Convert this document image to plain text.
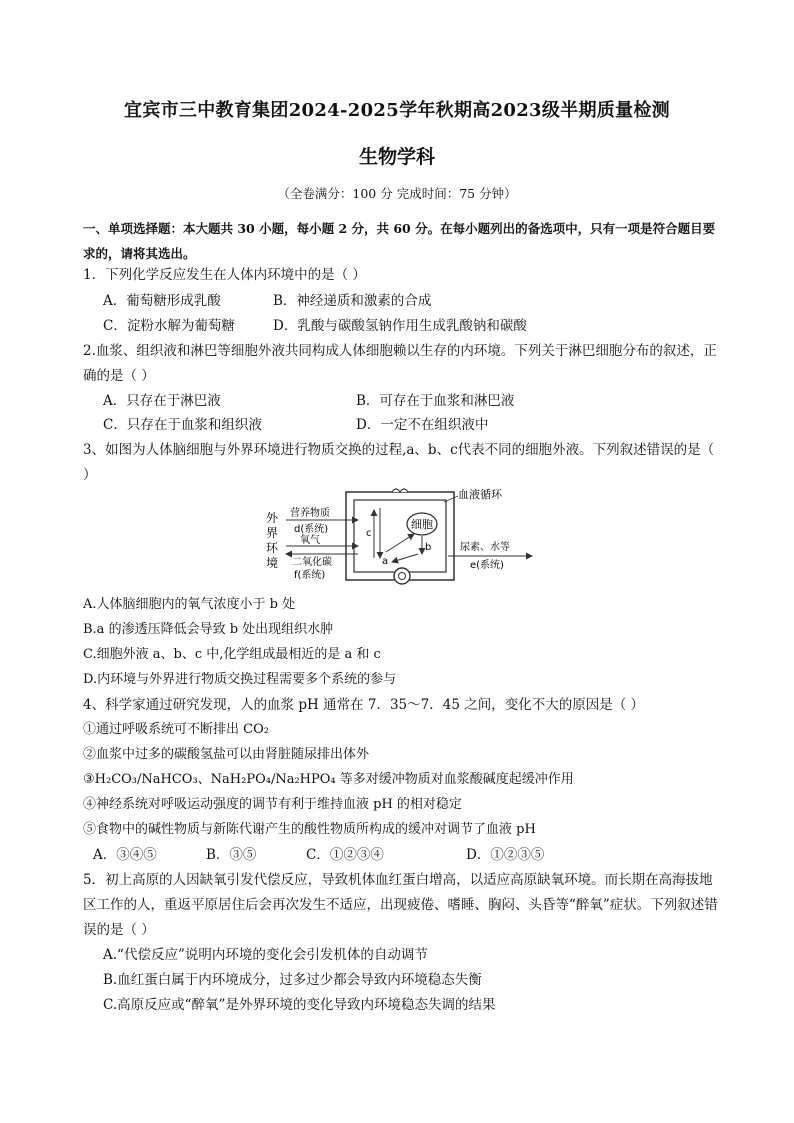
宜宾市三中教育集团2024-2025学年秋期高2023级半期质量检测
生物学科
（全卷满分：100 分 完成时间：75 分钟）
一、单项选择题：本大题共 30 小题，每小题 2 分，共 60 分。在每小题列出的备选项中，只有一项是符合题目要求的，请将其选出。
1．下列化学反应发生在人体内环境中的是（ ）
A．葡萄糖形成乳酸	B．神经递质和激素的合成
C．淀粉水解为葡萄糖	D．乳酸与碳酸氢钠作用生成乳酸钠和碳酸
2.血浆、组织液和淋巴等细胞外液共同构成人体细胞赖以生存的内环境。下列关于淋巴细胞分布的叙述，正确的是（ ）
A．只存在于淋巴液	B．可存在于血浆和淋巴液
C．只存在于血浆和组织液	D．一定不在组织液中
3、如图为人体脑细胞与外界环境进行物质交换的过程,a、b、c代表不同的细胞外液。下列叙述错误的是（ ）
外
界
环
境
营养物质
d(系统)
氧气
二氧化碳
f(系统)
细胞
血液循环
尿素、水等
e(系统)
c
a
b
A.人体脑细胞内的氧气浓度小于 b 处
B.a 的渗透压降低会导致 b 处出现组织水肿
C.细胞外液 a、b、c 中,化学组成最相近的是 a 和 c
D.内环境与外界进行物质交换过程需要多个系统的参与
4、科学家通过研究发现，人的血浆 pH 通常在 7．35～7．45 之间，变化不大的原因是（ ）
①通过呼吸系统可不断排出 CO₂
②血浆中过多的碳酸氢盐可以由肾脏随尿排出体外
③H₂CO₃/NaHCO₃、NaH₂PO₄/Na₂HPO₄ 等多对缓冲物质对血浆酸碱度起缓冲作用
④神经系统对呼吸运动强度的调节有利于维持血液 pH 的相对稳定
⑤食物中的碱性物质与新陈代谢产生的酸性物质所构成的缓冲对调节了血液 pH
A．③④⑤	B．③⑤	C．①②③④	D．①②③⑤
5．初上高原的人因缺氧引发代偿反应，导致机体血红蛋白增高，以适应高原缺氧环境。而长期在高海拔地区工作的人，重返平原居住后会再次发生不适应，出现疲倦、嗜睡、胸闷、头昏等“醉氧”症状。下列叙述错误的是（ ）
A.“代偿反应”说明内环境的变化会引发机体的自动调节
B.血红蛋白属于内环境成分，过多过少都会导致内环境稳态失衡
C.高原反应或“醉氧”是外界环境的变化导致内环境稳态失调的结果
